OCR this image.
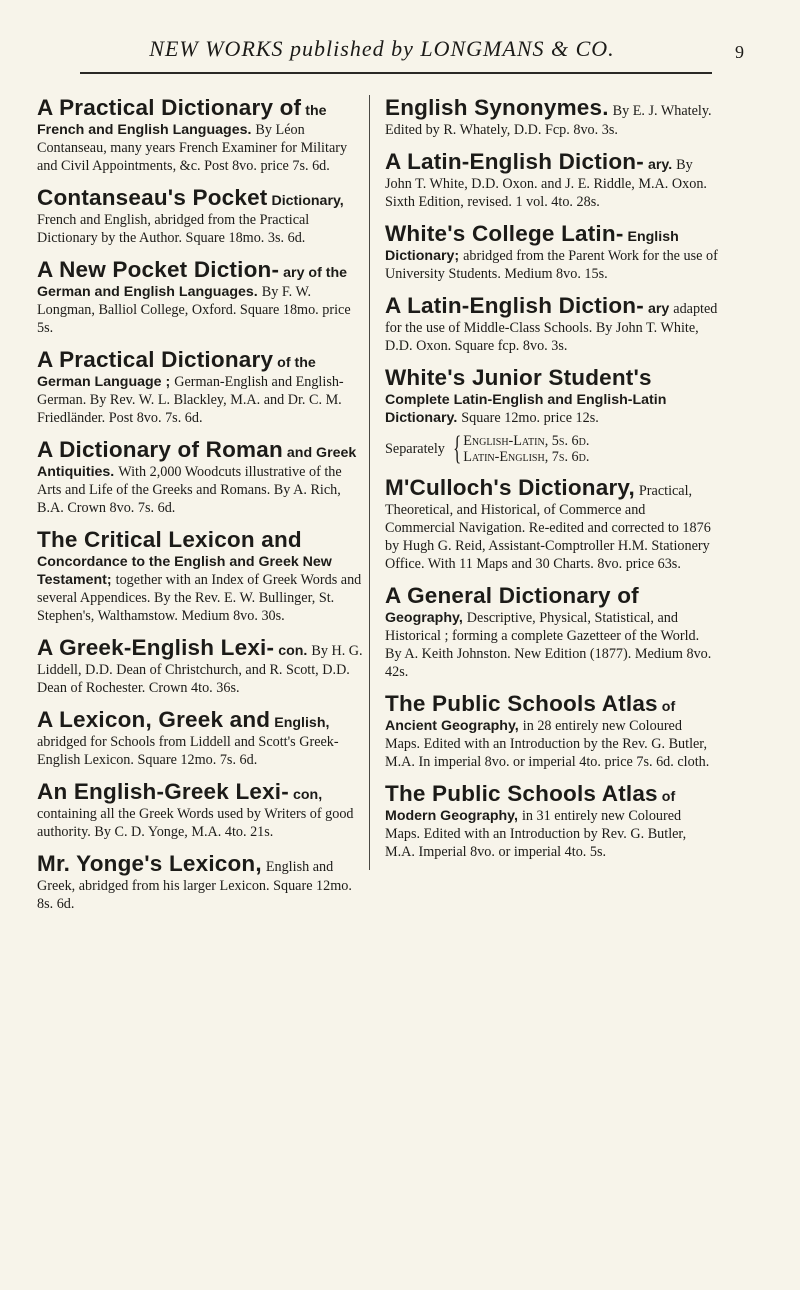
NEW WORKS published by LONGMANS & CO.	9
A Practical Dictionary of the French and English Languages. By Léon Contanseau, many years French Examiner for Military and Civil Appointments, &c. Post 8vo. price 7s. 6d.
Contanseau's Pocket Dictionary, French and English, abridged from the Practical Dictionary by the Author. Square 18mo. 3s. 6d.
A New Pocket Diction- ary of the German and English Languages. By F. W. Longman, Balliol College, Oxford. Square 18mo. price 5s.
A Practical Dictionary of the German Language ; German-English and English-German. By Rev. W. L. Blackley, M.A. and Dr. C. M. Friedländer. Post 8vo. 7s. 6d.
A Dictionary of Roman and Greek Antiquities. With 2,000 Woodcuts illustrative of the Arts and Life of the Greeks and Romans. By A. Rich, B.A. Crown 8vo. 7s. 6d.
The Critical Lexicon and Concordance to the English and Greek New Testament; together with an Index of Greek Words and several Appendices. By the Rev. E. W. Bullinger, St. Stephen's, Walthamstow. Medium 8vo. 30s.
A Greek-English Lexi- con. By H. G. Liddell, D.D. Dean of Christchurch, and R. Scott, D.D. Dean of Rochester. Crown 4to. 36s.
A Lexicon, Greek and English, abridged for Schools from Liddell and Scott's Greek-English Lexicon. Square 12mo. 7s. 6d.
An English-Greek Lexi- con, containing all the Greek Words used by Writers of good authority. By C. D. Yonge, M.A. 4to. 21s.
Mr. Yonge's Lexicon, English and Greek, abridged from his larger Lexicon. Square 12mo. 8s. 6d.
English Synonymes. By E. J. Whately. Edited by R. Whately, D.D. Fcp. 8vo. 3s.
A Latin-English Diction- ary. By John T. White, D.D. Oxon. and J. E. Riddle, M.A. Oxon. Sixth Edition, revised. 1 vol. 4to. 28s.
White's College Latin- English Dictionary; abridged from the Parent Work for the use of University Students. Medium 8vo. 15s.
A Latin-English Diction- ary adapted for the use of Middle-Class Schools. By John T. White, D.D. Oxon. Square fcp. 8vo. 3s.
White's Junior Student's Complete Latin-English and English-Latin Dictionary. Square 12mo. price 12s.
Separately { English-Latin, 5s. 6d.
Latin-English, 7s. 6d.
M'Culloch's Dictionary, Practical, Theoretical, and Historical, of Commerce and Commercial Navigation. Re-edited and corrected to 1876 by Hugh G. Reid, Assistant-Comptroller H.M. Stationery Office. With 11 Maps and 30 Charts. 8vo. price 63s.
A General Dictionary of Geography, Descriptive, Physical, Statistical, and Historical ; forming a complete Gazetteer of the World. By A. Keith Johnston. New Edition (1877). Medium 8vo. 42s.
The Public Schools Atlas of Ancient Geography, in 28 entirely new Coloured Maps. Edited with an Introduction by the Rev. G. Butler, M.A. In imperial 8vo. or imperial 4to. price 7s. 6d. cloth.
The Public Schools Atlas of Modern Geography, in 31 entirely new Coloured Maps. Edited with an Introduction by Rev. G. Butler, M.A. Imperial 8vo. or imperial 4to. 5s.
